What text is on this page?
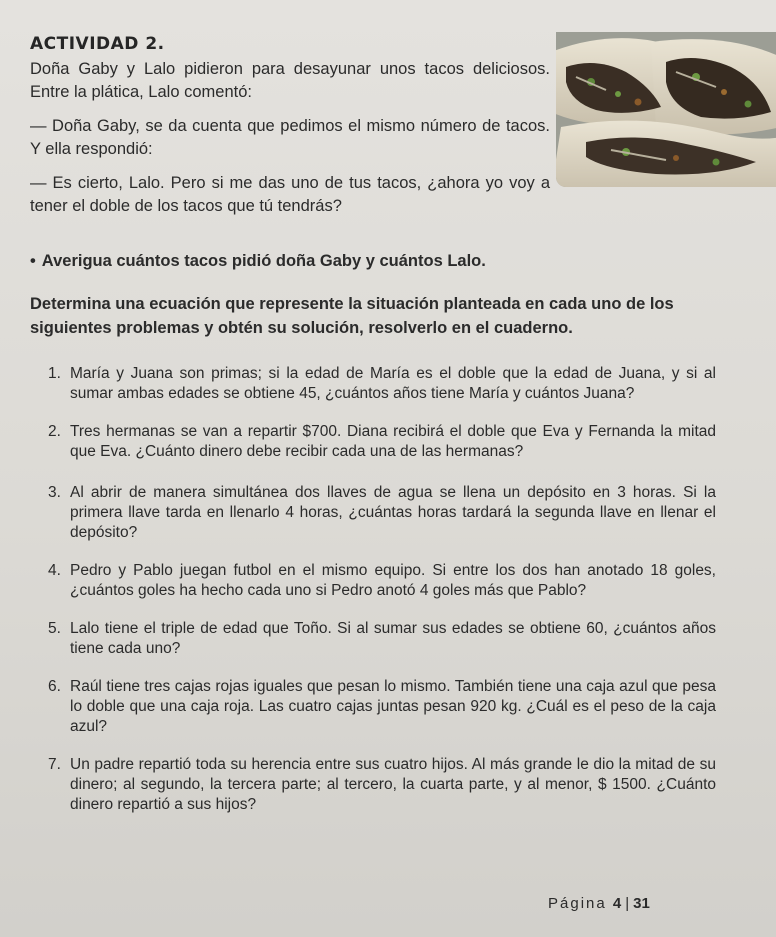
ACTIVIDAD 2.

Doña Gaby y Lalo pidieron para desayunar unos tacos deliciosos. Entre la plática, Lalo comentó:

— Doña Gaby, se da cuenta que pedimos el mismo número de tacos. Y ella respondió:

— Es cierto, Lalo. Pero si me das uno de tus tacos, ¿ahora yo voy a tener el doble de los tacos que tú tendrás?

• Averigua cuántos tacos pidió doña Gaby y cuántos Lalo.
Determina una ecuación que represente la situación planteada en cada uno de los siguientes problemas y obtén su solución, resolverlo en el cuaderno.
1. María y Juana son primas; si la edad de María es el doble que la edad de Juana, y si al sumar ambas edades se obtiene 45, ¿cuántos años tiene María y cuántos Juana?
2. Tres hermanas se van a repartir $700. Diana recibirá el doble que Eva y Fernanda la mitad que Eva. ¿Cuánto dinero debe recibir cada una de las hermanas?
3. Al abrir de manera simultánea dos llaves de agua se llena un depósito en 3 horas. Si la primera llave tarda en llenarlo 4 horas, ¿cuántas horas tardará la segunda llave en llenar el depósito?
4. Pedro y Pablo juegan futbol en el mismo equipo. Si entre los dos han anotado 18 goles, ¿cuántos goles ha hecho cada uno si Pedro anotó 4 goles más que Pablo?
5. Lalo tiene el triple de edad que Toño. Si al sumar sus edades se obtiene 60, ¿cuántos años tiene cada uno?
6. Raúl tiene tres cajas rojas iguales que pesan lo mismo. También tiene una caja azul que pesa lo doble que una caja roja. Las cuatro cajas juntas pesan 920 kg. ¿Cuál es el peso de la caja azul?
7. Un padre repartió toda su herencia entre sus cuatro hijos. Al más grande le dio la mitad de su dinero; al segundo, la tercera parte; al tercero, la cuarta parte, y al menor, $ 1500. ¿Cuánto dinero repartió a sus hijos?
Página 4 | 31
